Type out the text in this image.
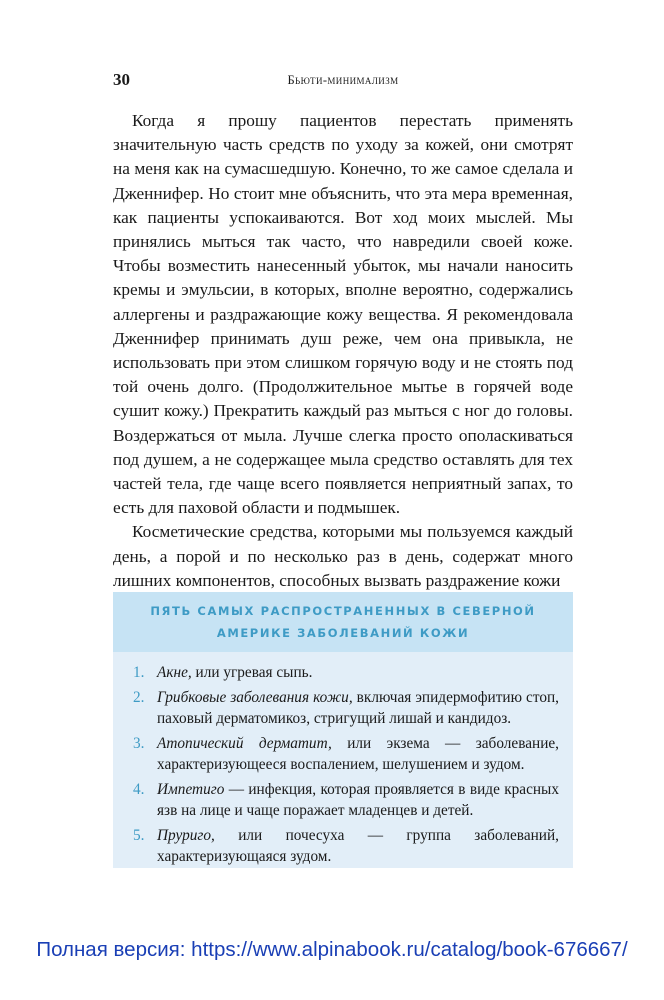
30	Бьюти-минимализм

Когда я прошу пациентов перестать применять значительную часть средств по уходу за кожей, они смотрят на меня как на сумасшедшую. Конечно, то же самое сделала и Дженнифер. Но стоит мне объяснить, что эта мера временная, как пациенты успокаиваются. Вот ход моих мыслей. Мы принялись мыться так часто, что навредили своей коже. Чтобы возместить нанесенный убыток, мы начали наносить кремы и эмульсии, в которых, вполне вероятно, содержались аллергены и раздражающие кожу вещества. Я рекомендовала Дженнифер принимать душ реже, чем она привыкла, не использовать при этом слишком горячую воду и не стоять под той очень долго. (Продолжительное мытье в горячей воде сушит кожу.) Прекратить каждый раз мыться с ног до головы. Воздержаться от мыла. Лучше слегка просто ополаскиваться под душем, а не содержащее мыла средство оставлять для тех частей тела, где чаще всего появляется неприятный запах, то есть для паховой области и подмышек.

Косметические средства, которыми мы пользуемся каждый день, а порой и по несколько раз в день, содержат много лишних компонентов, способных вызвать раздражение кожи

ПЯТЬ САМЫХ РАСПРОСТРАНЕННЫХ В СЕВЕРНОЙ АМЕРИКЕ ЗАБОЛЕВАНИЙ КОЖИ
1. Акне, или угревая сыпь.
2. Грибковые заболевания кожи, включая эпидермофитию стоп, паховый дерматомикоз, стригущий лишай и кандидоз.
3. Атопический дерматит, или экзема — заболевание, характеризующееся воспалением, шелушением и зудом.
4. Импетиго — инфекция, которая проявляется в виде красных язв на лице и чаще поражает младенцев и детей.
5. Пруриго, или почесуха — группа заболеваний, характеризующаяся зудом.
Полная версия: https://www.alpinabook.ru/catalog/book-676667/
